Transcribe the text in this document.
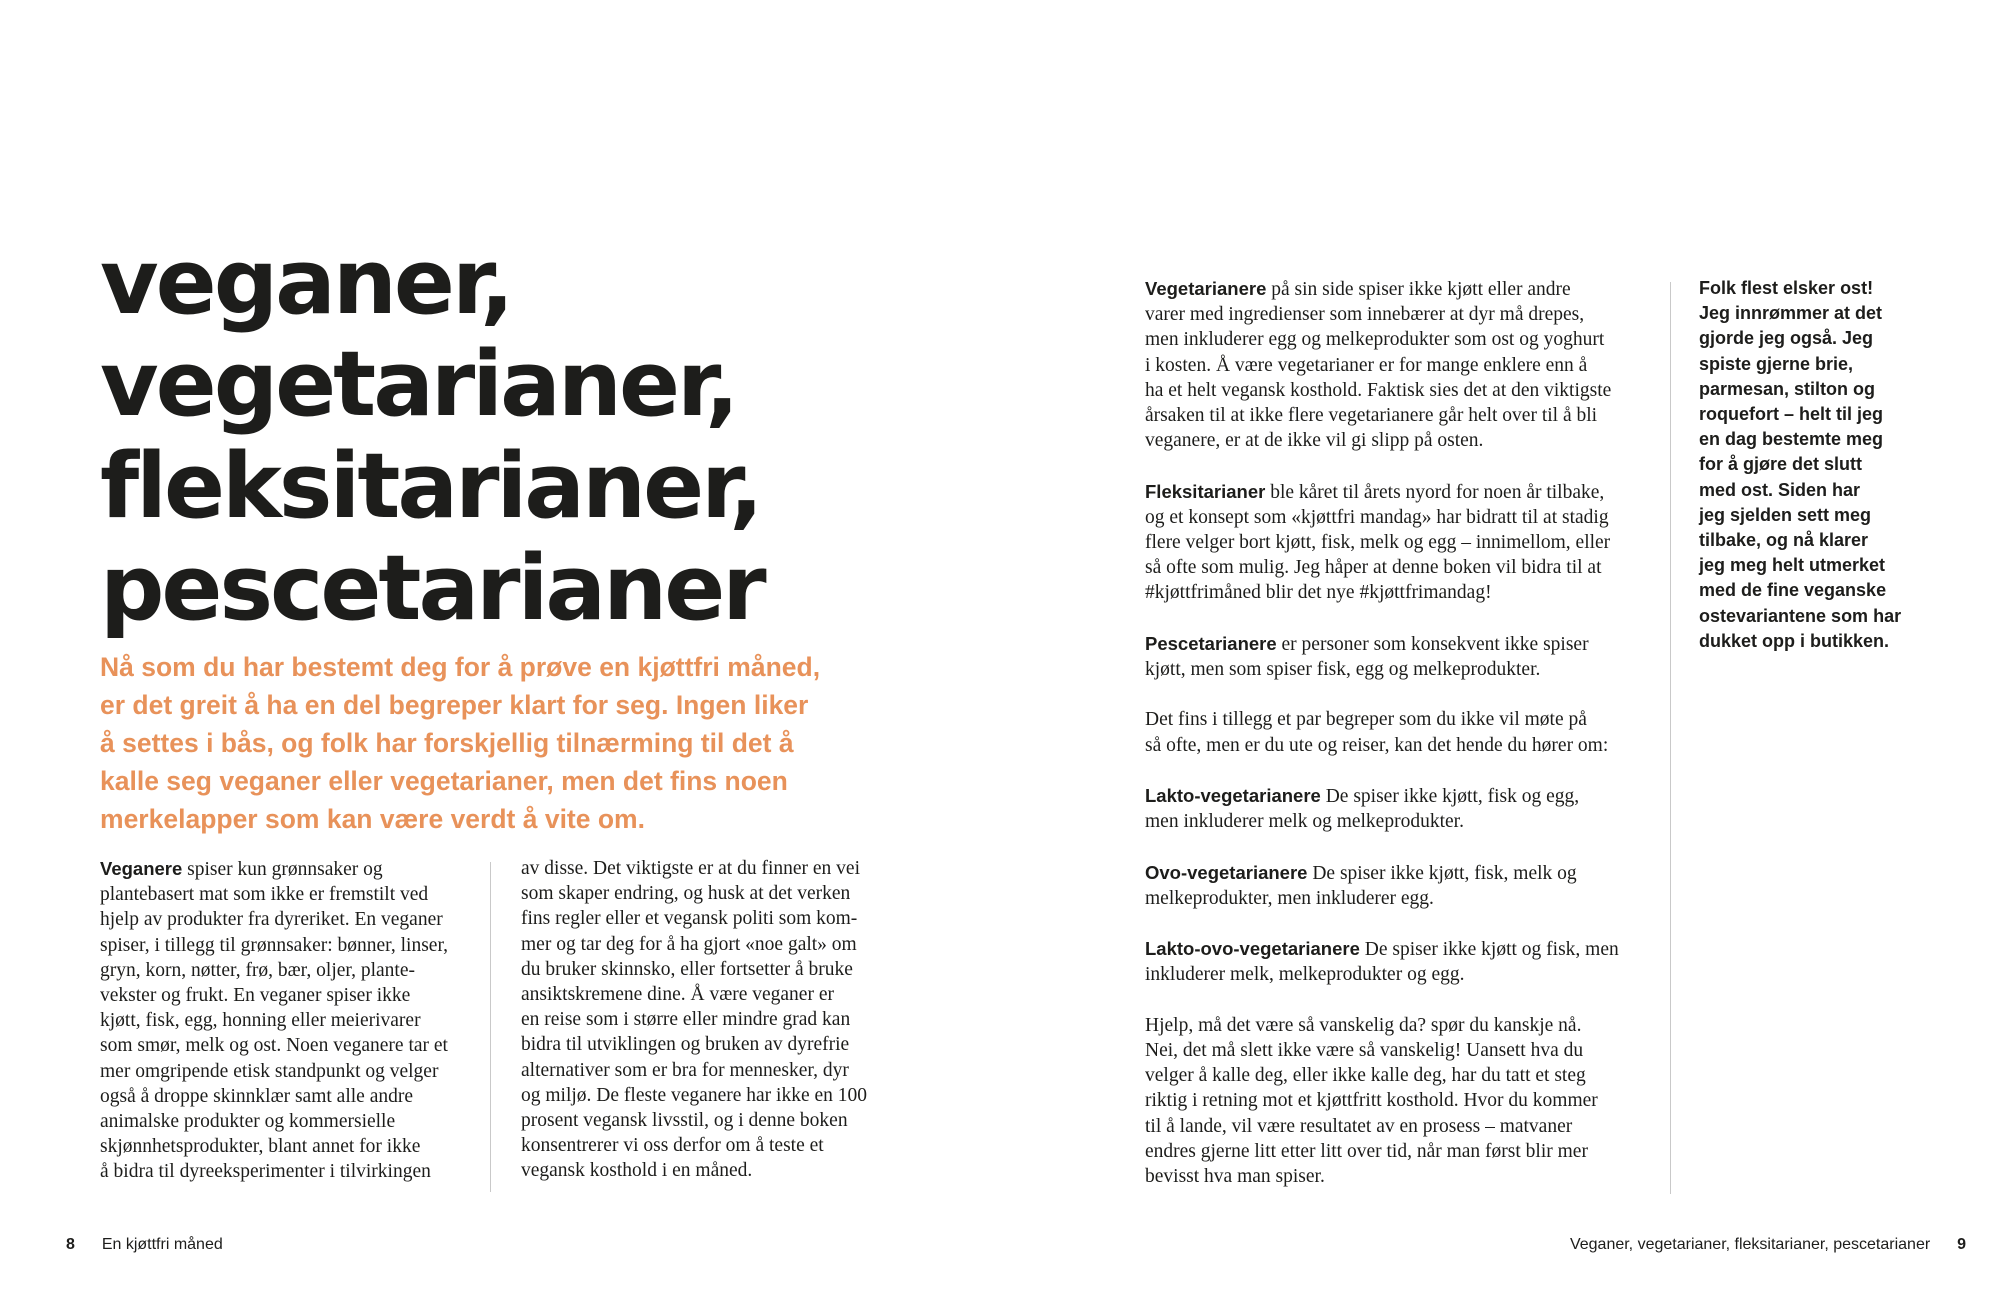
veganer,
vegetarianer,
fleksitarianer,
pescetarianer

Nå som du har bestemt deg for å prøve en kjøttfri måned, er det greit å ha en del begreper klart for seg. Ingen liker å settes i bås, og folk har forskjellig tilnærming til det å kalle seg veganer eller vegetarianer, men det fins noen merkelapper som kan være verdt å vite om.

Veganere spiser kun grønnsaker og
plantebasert mat som ikke er fremstilt ved
hjelp av produkter fra dyreriket. En veganer
spiser, i tillegg til grønnsaker: bønner, linser,
gryn, korn, nøtter, frø, bær, oljer, plante-
vekster og frukt. En veganer spiser ikke
kjøtt, fisk, egg, honning eller meierivarer
som smør, melk og ost. Noen veganere tar et
mer omgripende etisk standpunkt og velger
også å droppe skinnklær samt alle andre
animalske produkter og kommersielle
skjønnhetsprodukter, blant annet for ikke
å bidra til dyreeksperimenter i tilvirkingen
av disse. Det viktigste er at du finner en vei
som skaper endring, og husk at det verken
fins regler eller et vegansk politi som kom-
mer og tar deg for å ha gjort «noe galt» om
du bruker skinnsko, eller fortsetter å bruke
ansiktskremene dine. Å være veganer er
en reise som i større eller mindre grad kan
bidra til utviklingen og bruken av dyrefrie
alternativer som er bra for mennesker, dyr
og miljø. De fleste veganere har ikke en 100
prosent vegansk livsstil, og i denne boken
konsentrerer vi oss derfor om å teste et
vegansk kosthold i en måned.
8 En kjøttfri måned

Vegetarianere på sin side spiser ikke kjøtt eller andre
varer med ingredienser som innebærer at dyr må drepes,
men inkluderer egg og melkeprodukter som ost og yoghurt
i kosten. Å være vegetarianer er for mange enklere enn å
ha et helt vegansk kosthold. Faktisk sies det at den viktigste
årsaken til at ikke flere vegetarianere går helt over til å bli
veganere, er at de ikke vil gi slipp på osten.

Fleksitarianer ble kåret til årets nyord for noen år tilbake,
og et konsept som «kjøttfri mandag» har bidratt til at stadig
flere velger bort kjøtt, fisk, melk og egg – innimellom, eller
så ofte som mulig. Jeg håper at denne boken vil bidra til at
#kjøttfrimåned blir det nye #kjøttfrimandag!

Pescetarianere er personer som konsekvent ikke spiser
kjøtt, men som spiser fisk, egg og melkeprodukter.

Det fins i tillegg et par begreper som du ikke vil møte på
så ofte, men er du ute og reiser, kan det hende du hører om:

Lakto-vegetarianere De spiser ikke kjøtt, fisk og egg,
men inkluderer melk og melkeprodukter.

Ovo-vegetarianere De spiser ikke kjøtt, fisk, melk og
melkeprodukter, men inkluderer egg.

Lakto-ovo-vegetarianere De spiser ikke kjøtt og fisk, men
inkluderer melk, melkeprodukter og egg.

Hjelp, må det være så vanskelig da? spør du kanskje nå.
Nei, det må slett ikke være så vanskelig! Uansett hva du
velger å kalle deg, eller ikke kalle deg, har du tatt et steg
riktig i retning mot et kjøttfritt kosthold. Hvor du kommer
til å lande, vil være resultatet av en prosess – matvaner
endres gjerne litt etter litt over tid, når man først blir mer
bevisst hva man spiser.

Folk flest elsker ost!
Jeg innrømmer at det
gjorde jeg også. Jeg
spiste gjerne brie,
parmesan, stilton og
roquefort – helt til jeg
en dag bestemte meg
for å gjøre det slutt
med ost. Siden har
jeg sjelden sett meg
tilbake, og nå klarer
jeg meg helt utmerket
med de fine veganske
ostevariantene som har
dukket opp i butikken.
Veganer, vegetarianer, fleksitarianer, pescetarianer 9
